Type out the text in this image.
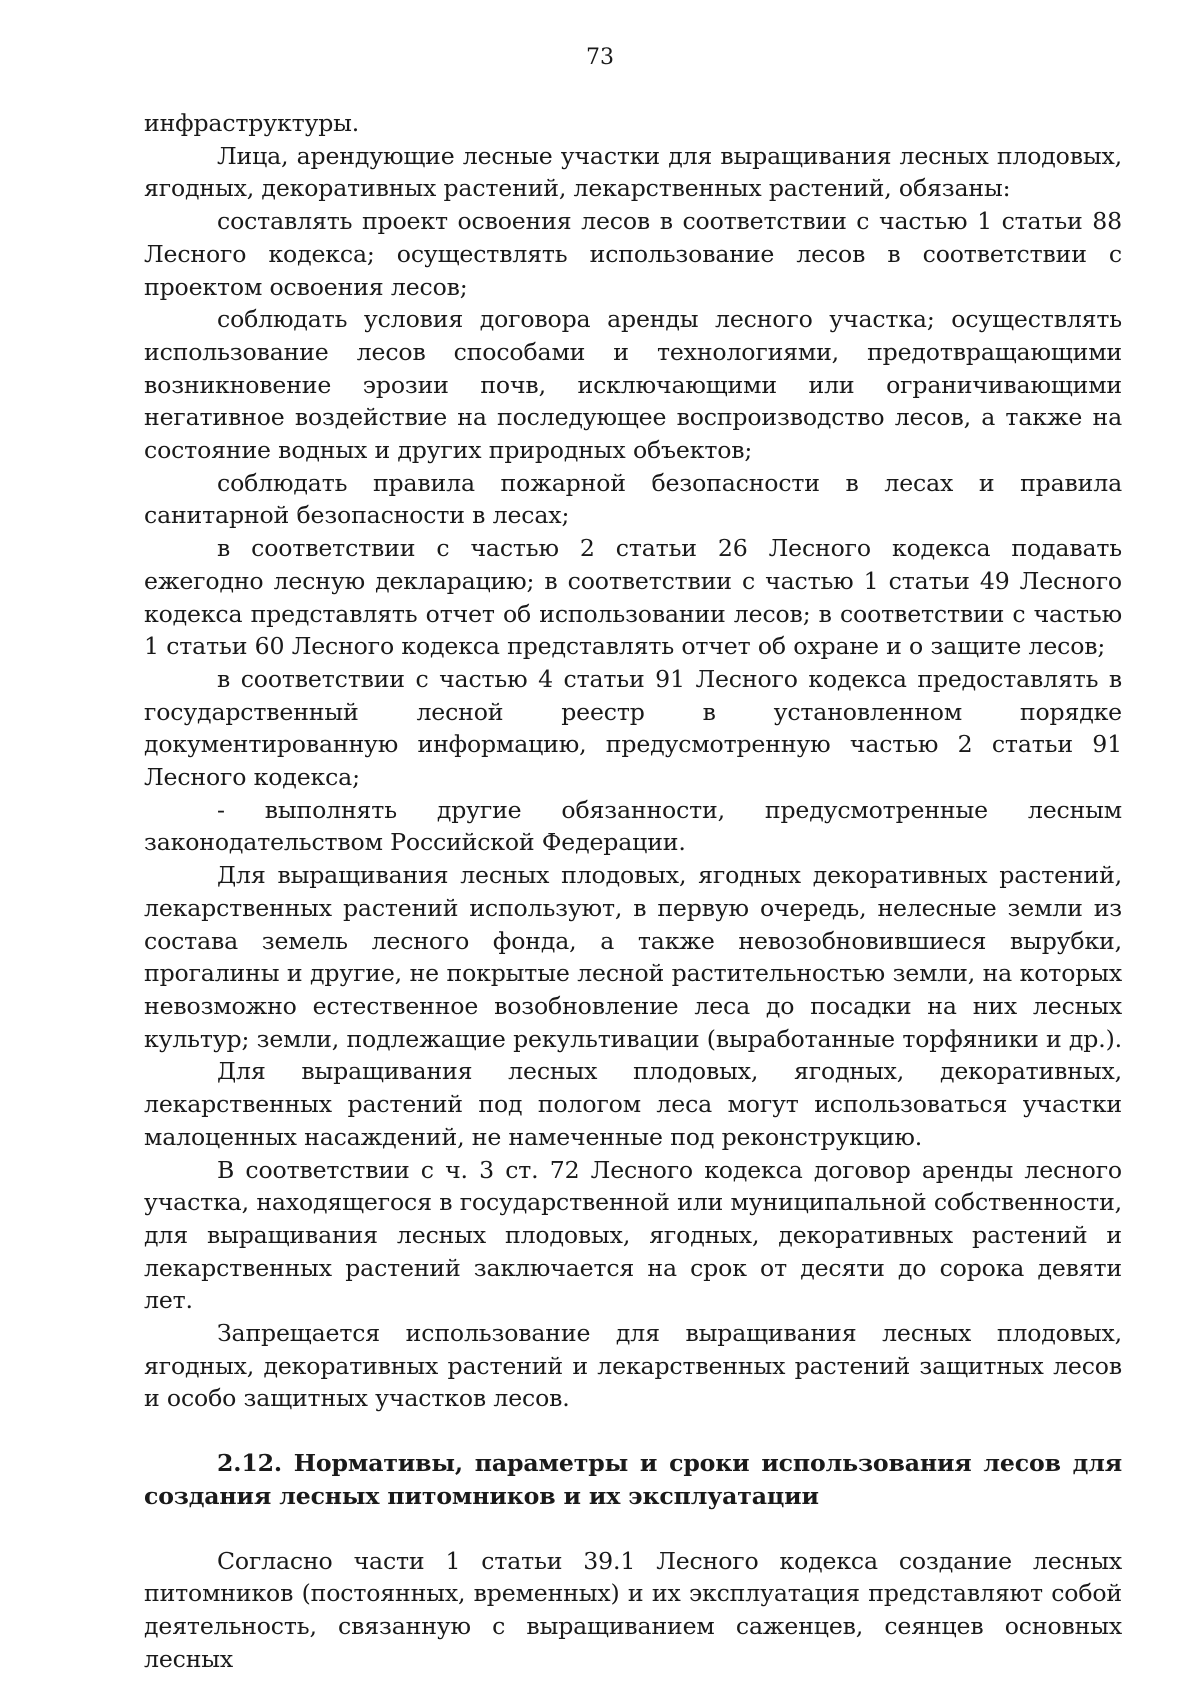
73

инфраструктуры.

Лица, арендующие лесные участки для выращивания лесных плодовых, ягодных, декоративных растений, лекарственных растений, обязаны:

составлять проект освоения лесов в соответствии с частью 1 статьи 88 Лесного кодекса; осуществлять использование лесов в соответствии с проектом освоения лесов;

соблюдать условия договора аренды лесного участка; осуществлять использование лесов способами и технологиями, предотвращающими возникновение эрозии почв, исключающими или ограничивающими негативное воздействие на последующее воспроизводство лесов, а также на состояние водных и других природных объектов;

соблюдать правила пожарной безопасности в лесах и правила санитарной безопасности в лесах;

в соответствии с частью 2 статьи 26 Лесного кодекса подавать ежегодно лесную декларацию; в соответствии с частью 1 статьи 49 Лесного кодекса представлять отчет об использовании лесов; в соответствии с частью 1 статьи 60 Лесного кодекса представлять отчет об охране и о защите лесов;

в соответствии с частью 4 статьи 91 Лесного кодекса предоставлять в государственный лесной реестр в установленном порядке документированную информацию, предусмотренную частью 2 статьи 91 Лесного кодекса;

- выполнять другие обязанности, предусмотренные лесным законодательством Российской Федерации.

Для выращивания лесных плодовых, ягодных декоративных растений, лекарственных растений используют, в первую очередь, нелесные земли из состава земель лесного фонда, а также невозобновившиеся вырубки, прогалины и другие, не покрытые лесной растительностью земли, на которых невозможно естественное возобновление леса до посадки на них лесных культур; земли, подлежащие рекультивации (выработанные торфяники и др.).

Для выращивания лесных плодовых, ягодных, декоративных, лекарственных растений под пологом леса могут использоваться участки малоценных насаждений, не намеченные под реконструкцию.

В соответствии с ч. 3 ст. 72 Лесного кодекса договор аренды лесного участка, находящегося в государственной или муниципальной собственности, для выращивания лесных плодовых, ягодных, декоративных растений и лекарственных растений заключается на срок от десяти до сорока девяти лет.

Запрещается использование для выращивания лесных плодовых, ягодных, декоративных растений и лекарственных растений защитных лесов и особо защитных участков лесов.

2.12. Нормативы, параметры и сроки использования лесов для создания лесных питомников и их эксплуатации

Согласно части 1 статьи 39.1 Лесного кодекса создание лесных питомников (постоянных, временных) и их эксплуатация представляют собой деятельность, связанную с выращиванием саженцев, сеянцев основных лесных
